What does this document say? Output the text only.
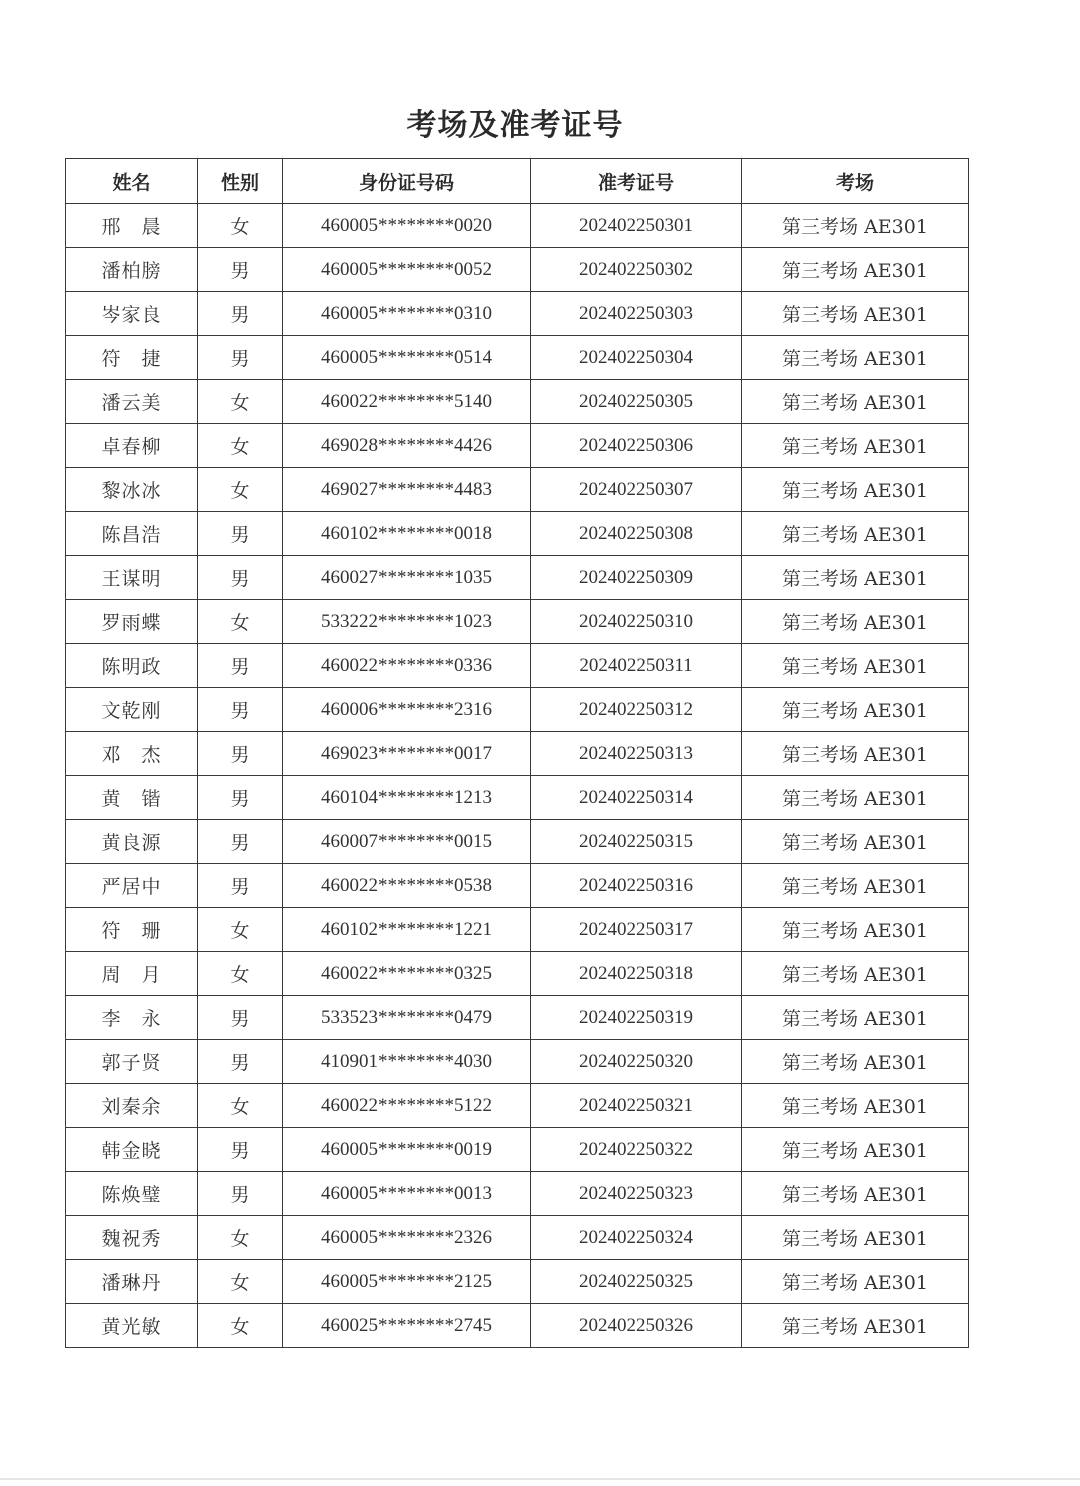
考场及准考证号
姓名	性别	身份证号码	准考证号	考场
邢　晨	女	460005********0020	202402250301	第三考场 AE301
潘柏膀	男	460005********0052	202402250302	第三考场 AE301
岑家良	男	460005********0310	202402250303	第三考场 AE301
符　捷	男	460005********0514	202402250304	第三考场 AE301
潘云美	女	460022********5140	202402250305	第三考场 AE301
卓春柳	女	469028********4426	202402250306	第三考场 AE301
黎冰冰	女	469027********4483	202402250307	第三考场 AE301
陈昌浩	男	460102********0018	202402250308	第三考场 AE301
王谋明	男	460027********1035	202402250309	第三考场 AE301
罗雨蝶	女	533222********1023	202402250310	第三考场 AE301
陈明政	男	460022********0336	202402250311	第三考场 AE301
文乾刚	男	460006********2316	202402250312	第三考场 AE301
邓　杰	男	469023********0017	202402250313	第三考场 AE301
黄　锴	男	460104********1213	202402250314	第三考场 AE301
黄良源	男	460007********0015	202402250315	第三考场 AE301
严居中	男	460022********0538	202402250316	第三考场 AE301
符　珊	女	460102********1221	202402250317	第三考场 AE301
周　月	女	460022********0325	202402250318	第三考场 AE301
李　永	男	533523********0479	202402250319	第三考场 AE301
郭子贤	男	410901********4030	202402250320	第三考场 AE301
刘秦余	女	460022********5122	202402250321	第三考场 AE301
韩金晓	男	460005********0019	202402250322	第三考场 AE301
陈焕璧	男	460005********0013	202402250323	第三考场 AE301
魏祝秀	女	460005********2326	202402250324	第三考场 AE301
潘琳丹	女	460005********2125	202402250325	第三考场 AE301
黄光敏	女	460025********2745	202402250326	第三考场 AE301
